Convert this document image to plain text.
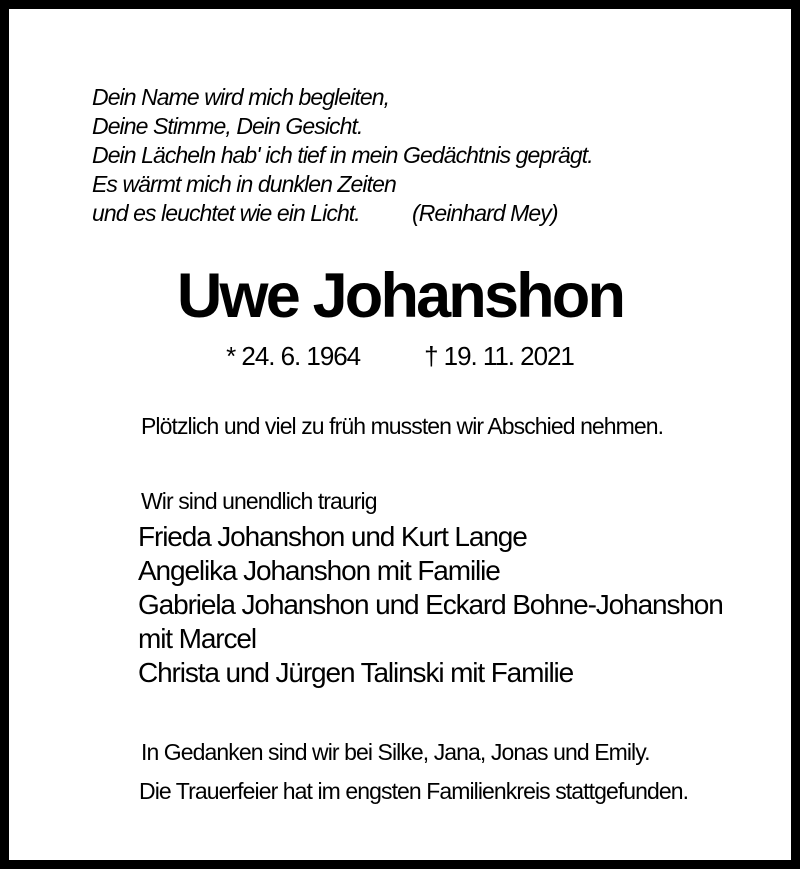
Dein Name wird mich begleiten,
Deine Stimme, Dein Gesicht.
Dein Lächeln hab' ich tief in mein Gedächtnis geprägt.
Es wärmt mich in dunklen Zeiten
und es leuchtet wie ein Licht. (Reinhard Mey)
Uwe Johanshon
* 24. 6. 1964 † 19. 11. 2021
Plötzlich und viel zu früh mussten wir Abschied nehmen.
Wir sind unendlich traurig
Frieda Johanshon und Kurt Lange
Angelika Johanshon mit Familie
Gabriela Johanshon und Eckard Bohne-Johanshon
mit Marcel
Christa und Jürgen Talinski mit Familie
In Gedanken sind wir bei Silke, Jana, Jonas und Emily.
Die Trauerfeier hat im engsten Familienkreis stattgefunden.
